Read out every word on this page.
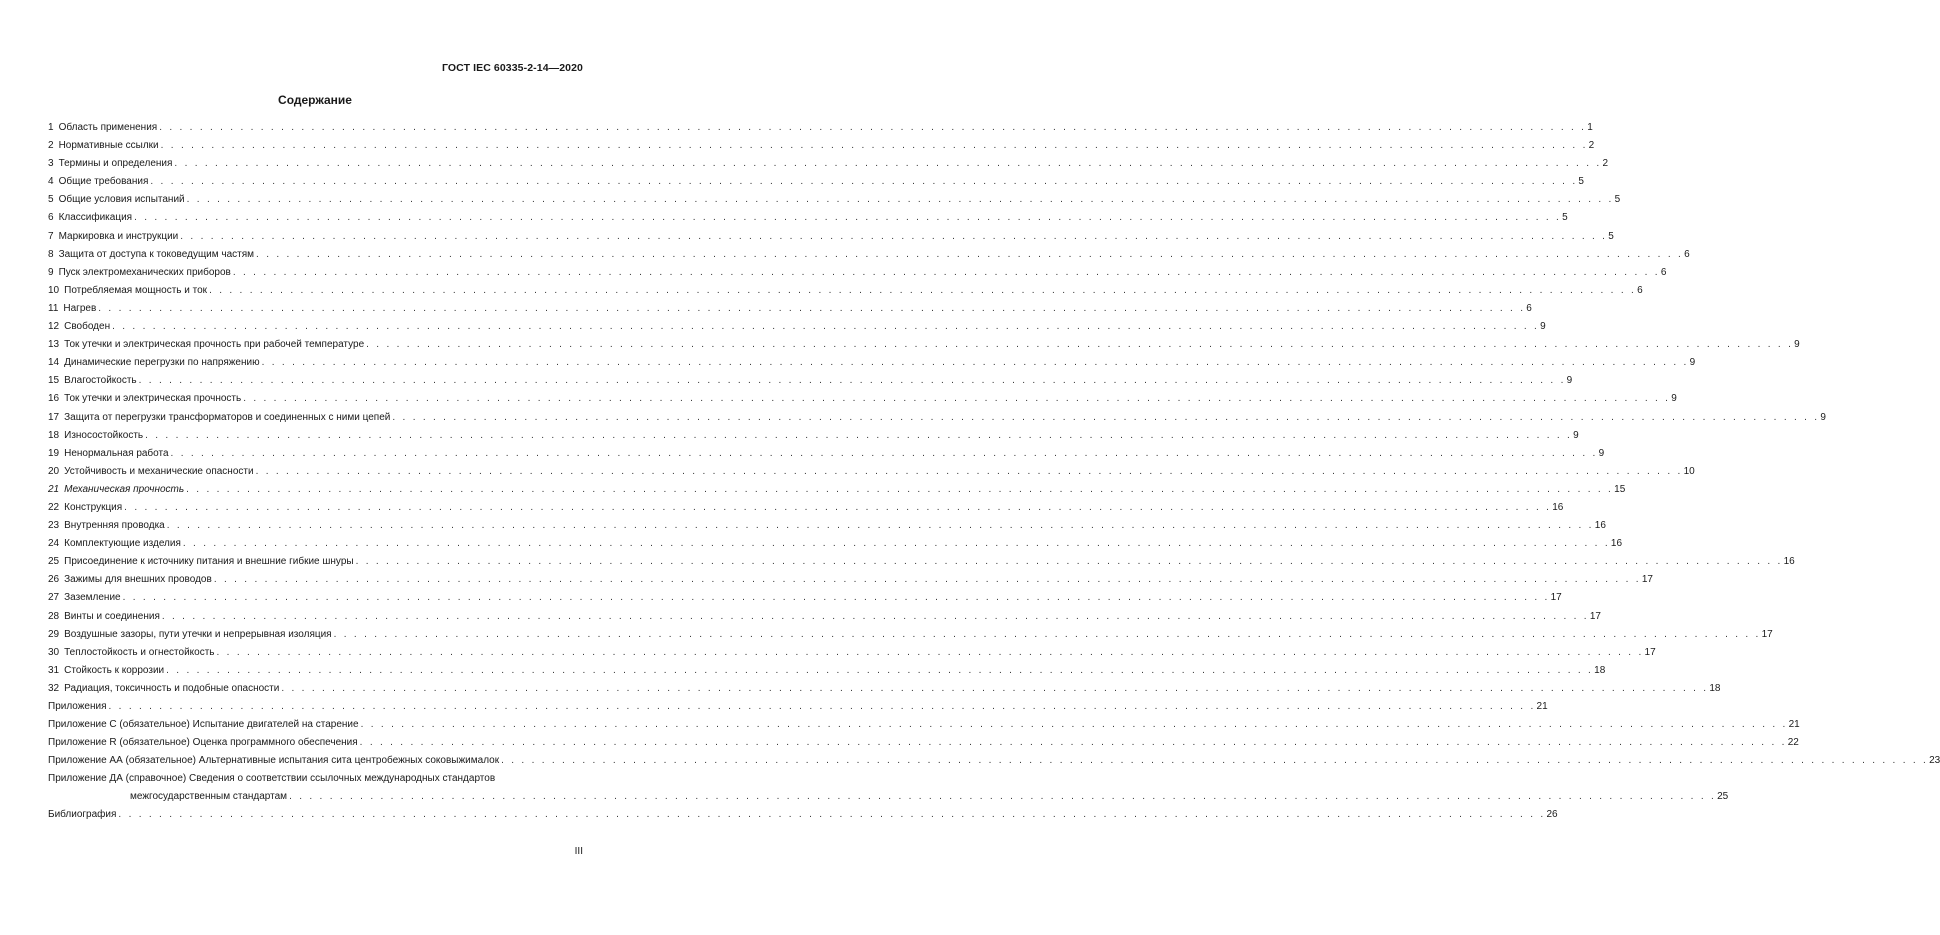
ГОСТ IEC 60335-2-14—2020
Содержание
1 Область применения . . .	1
2 Нормативные ссылки . . .	2
3 Термины и определения . . .	2
4 Общие требования . . .	5
5 Общие условия испытаний . . .	5
6 Классификация . . .	5
7 Маркировка и инструкции . . .	5
8 Защита от доступа к токоведущим частям . . .	6
9 Пуск электромеханических приборов . . .	6
10 Потребляемая мощность и ток . . .	6
11 Нагрев . . .	6
12 Свободен . . .	9
13 Ток утечки и электрическая прочность при рабочей температуре . . .	9
14 Динамические перегрузки по напряжению . . .	9
15 Влагостойкость . . .	9
16 Ток утечки и электрическая прочность . . .	9
17 Защита от перегрузки трансформаторов и соединенных с ними цепей . . .	9
18 Износостойкость . . .	9
19 Ненормальная работа . . .	9
20 Устойчивость и механические опасности . . .	10
21 Механическая прочность . . .	15
22 Конструкция . . .	16
23 Внутренняя проводка . . .	16
24 Комплектующие изделия . . .	16
25 Присоединение к источнику питания и внешние гибкие шнуры . . .	16
26 Зажимы для внешних проводов . . .	17
27 Заземление . . .	17
28 Винты и соединения . . .	17
29 Воздушные зазоры, пути утечки и непрерывная изоляция . . .	17
30 Теплостойкость и огнестойкость . . .	17
31 Стойкость к коррозии . . .	18
32 Радиация, токсичность и подобные опасности . . .	18
Приложения . . .	21
Приложение С (обязательное) Испытание двигателей на старение . . .	21
Приложение R (обязательное) Оценка программного обеспечения . . .	22
Приложение АА (обязательное) Альтернативные испытания сита центробежных соковыжималок . . .	23
Приложение ДА (справочное) Сведения о соответствии ссылочных международных стандартов
межгосударственным стандартам . . .	25
Библиография . . .	26
III
